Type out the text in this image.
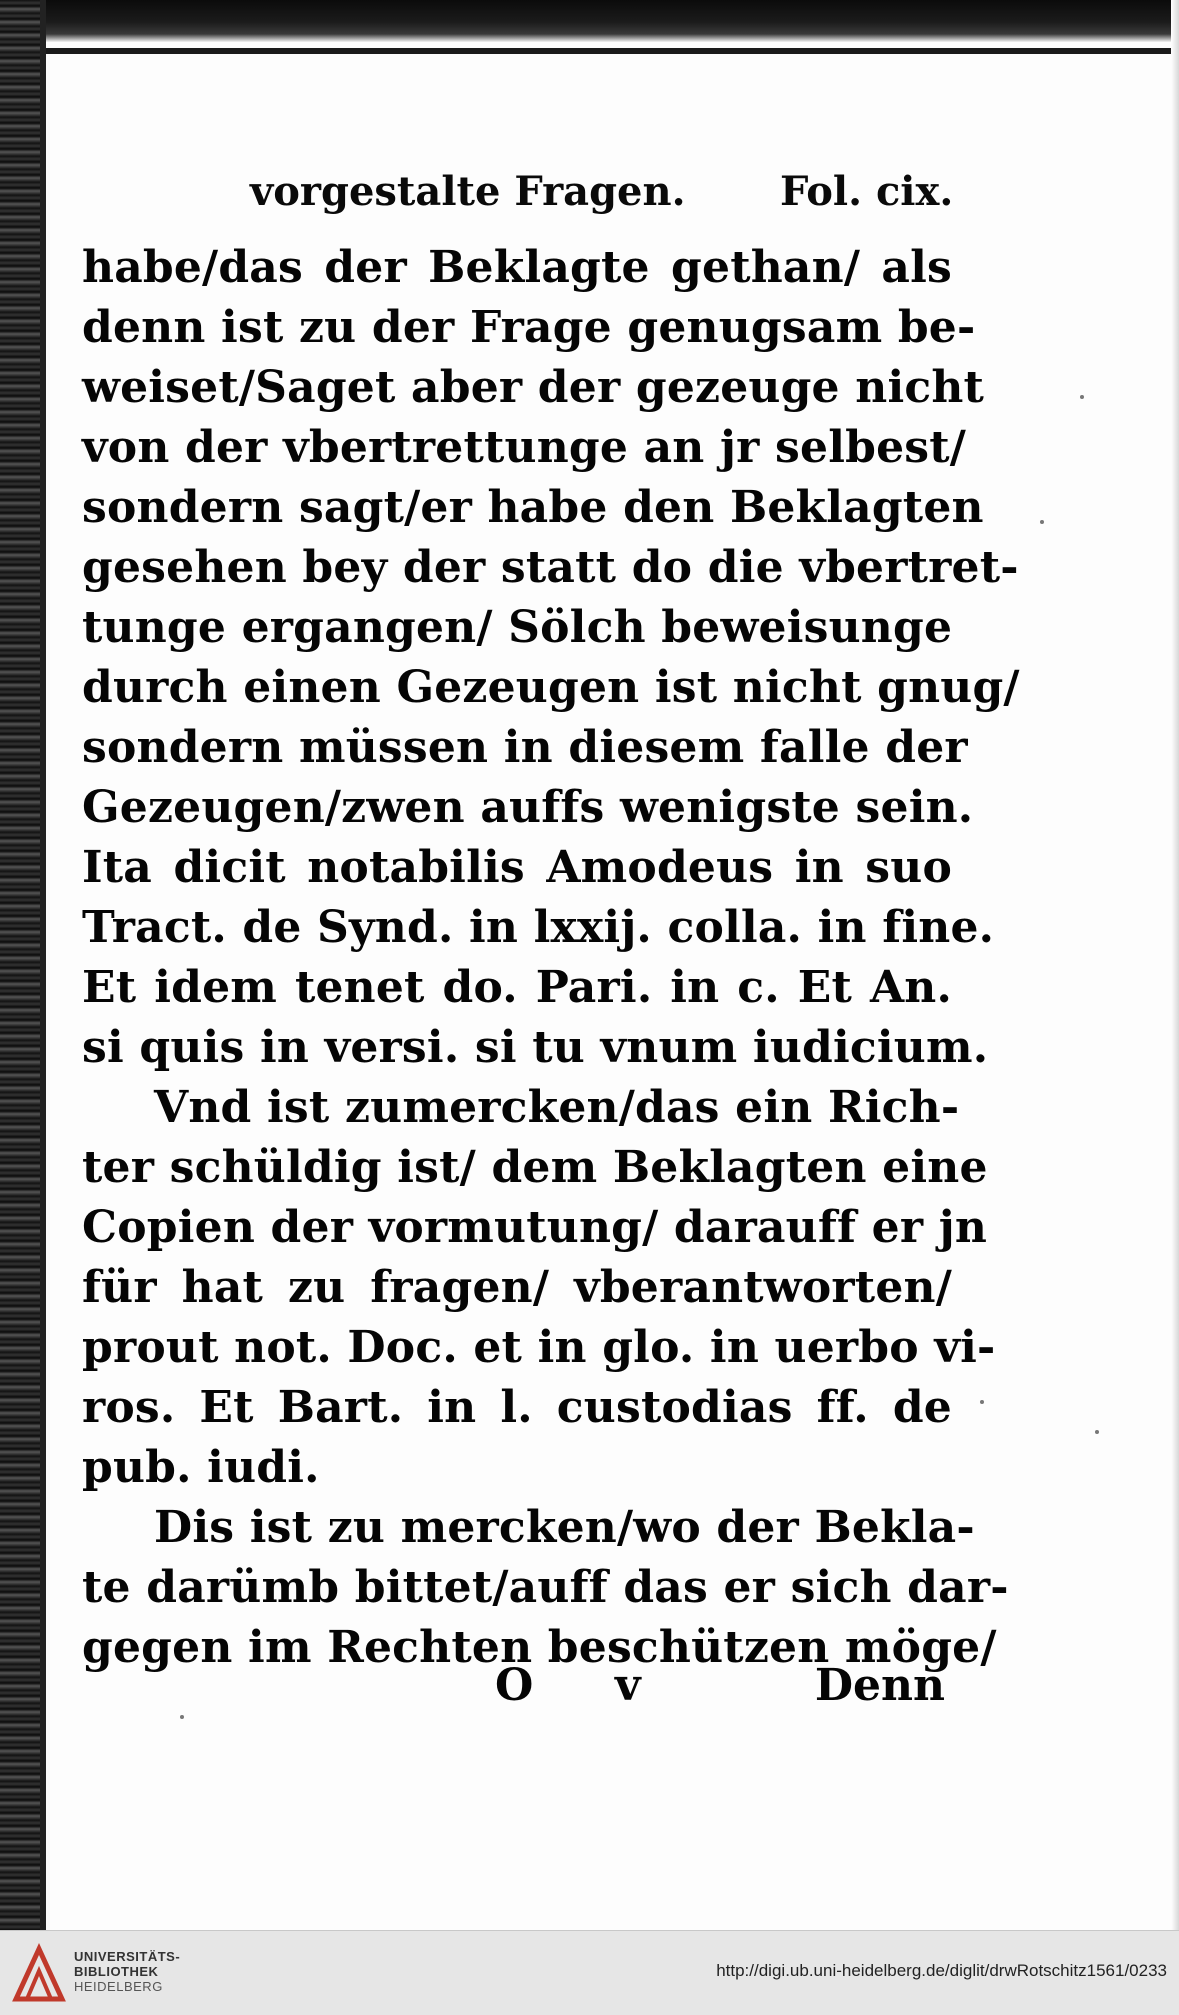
vorgestalte Fragen. Fol. cix.
habe/das der Beklagte gethan/ als
denn ist zu der Frage genugsam be-
weiset/Saget aber der gezeuge nicht
von der vbertrettunge an jr selbest/
sondern sagt/er habe den Beklagten
gesehen bey der statt do die vbertret-
tunge ergangen/ Sölch beweisunge
durch einen Gezeugen ist nicht gnug/
sondern müssen in diesem falle der
Gezeugen/zwen auffs wenigste sein.
Ita dicit notabilis Amodeus in suo
Tract. de Synd. in lxxij. colla. in fine.
Et idem tenet do. Pari. in c. Et An.
si quis in versi. si tu vnum iudicium.
Vnd ist zumercken/das ein Rich-
ter schüldig ist/ dem Beklagten eine
Copien der vormutung/ darauff er jn
für hat zu fragen/ vberantworten/
prout not. Doc. et in glo. in uerbo vi-
ros. Et Bart. in l. custodias ff. de
pub. iudi.
Dis ist zu mercken/wo der Bekla-
te darümb bittet/auff das er sich dar-
gegen im Rechten beschützen möge/
O v	Denn
UNIVERSITÄTS-
BIBLIOTHEK
HEIDELBERG
http://digi.ub.uni-heidelberg.de/diglit/drwRotschitz1561/0233
